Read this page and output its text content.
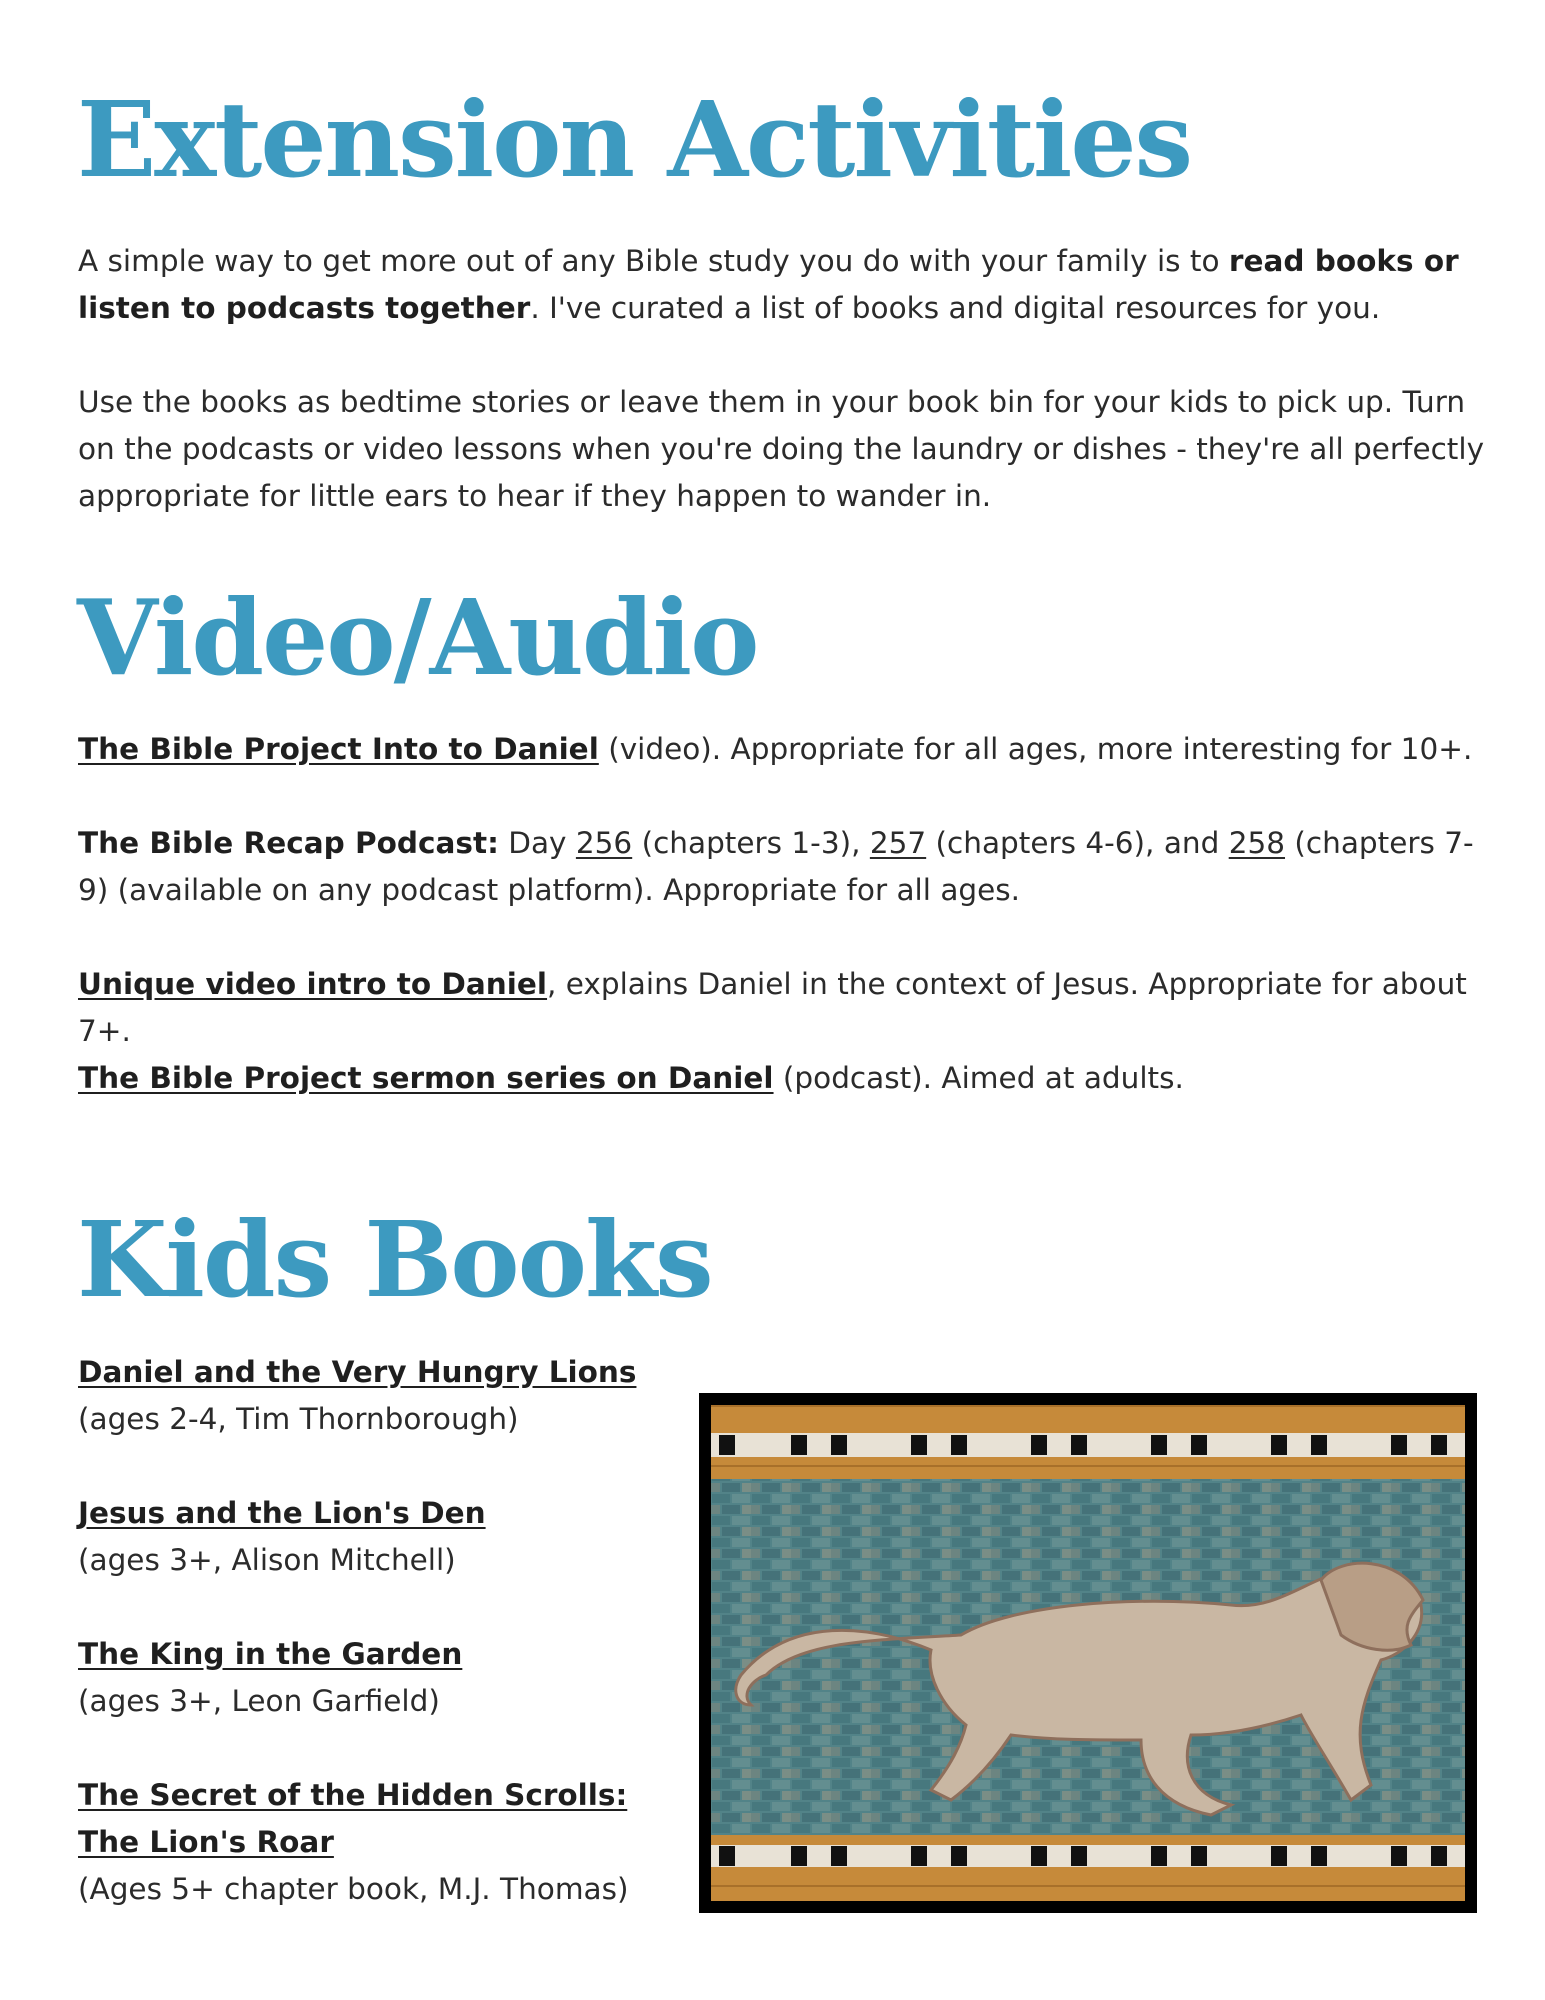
Extension Activities

A simple way to get more out of any Bible study you do with your family is to read books or listen to podcasts together. I've curated a list of books and digital resources for you.

Use the books as bedtime stories or leave them in your book bin for your kids to pick up. Turn on the podcasts or video lessons when you're doing the laundry or dishes - they're all perfectly appropriate for little ears to hear if they happen to wander in.

Video/Audio

The Bible Project Into to Daniel (video). Appropriate for all ages, more interesting for 10+.

The Bible Recap Podcast: Day 256 (chapters 1-3), 257 (chapters 4-6), and 258 (chapters 7-9) (available on any podcast platform). Appropriate for all ages.

Unique video intro to Daniel, explains Daniel in the context of Jesus. Appropriate for about 7+.

The Bible Project sermon series on Daniel (podcast). Aimed at adults.

Kids Books
Daniel and the Very Hungry Lions
(ages 2-4, Tim Thornborough)
Jesus and the Lion's Den
(ages 3+, Alison Mitchell)
The King in the Garden
(ages 3+, Leon Garfield)
The Secret of the Hidden Scrolls:
The Lion's Roar
(Ages 5+ chapter book, M.J. Thomas)
